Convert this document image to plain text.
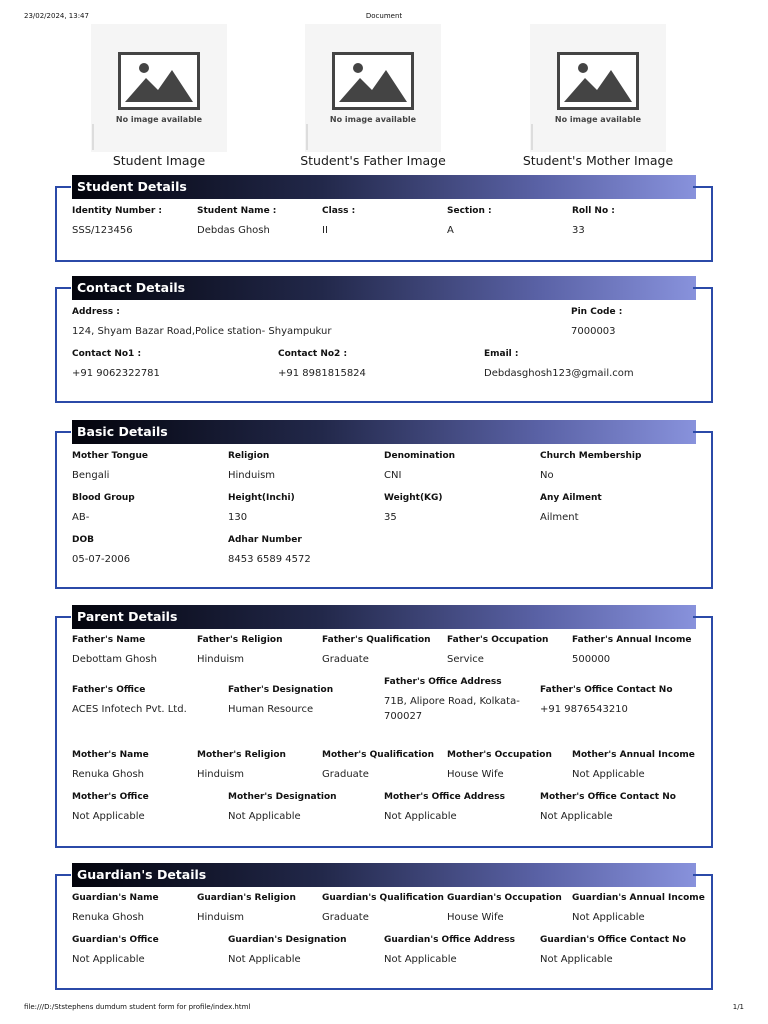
23/02/2024, 13:47	Document
file:///D:/Ststephens dumdum student form for profile/index.html	1/1
No image available
Student Image
No image available
Student's Father Image
No image available
Student's Mother Image
Student Details
Identity Number :
SSS/123456
Student Name :
Debdas Ghosh
Class :
II
Section :
A
Roll No :
33
Contact Details
Address :
124, Shyam Bazar Road,Police station- Shyampukur
Pin Code :
7000003
Contact No1 :
+91 9062322781
Contact No2 :
+91 8981815824
Email :
Debdasghosh123@gmail.com
Basic Details
Mother Tongue
Bengali
Religion
Hinduism
Denomination
CNI
Church Membership
No
Blood Group
AB-
Height(Inchi)
130
Weight(KG)
35
Any Ailment
Ailment
DOB
05-07-2006
Adhar Number
8453 6589 4572
Parent Details
Father's Name
Debottam Ghosh
Father's Religion
Hinduism
Father's Qualification
Graduate
Father's Occupation
Service
Father's Annual Income
500000
Father's Office
ACES Infotech Pvt. Ltd.
Father's Designation
Human Resource
Father's Office Address
71B, Alipore Road, Kolkata-700027
Father's Office Contact No
+91 9876543210
Mother's Name
Renuka Ghosh
Mother's Religion
Hinduism
Mother's Qualification
Graduate
Mother's Occupation
House Wife
Mother's Annual Income
Not Applicable
Mother's Office
Not Applicable
Mother's Designation
Not Applicable
Mother's Office Address
Not Applicable
Mother's Office Contact No
Not Applicable
Guardian's Details
Guardian's Name
Renuka Ghosh
Guardian's Religion
Hinduism
Guardian's Qualification
Graduate
Guardian's Occupation
House Wife
Guardian's Annual Income
Not Applicable
Guardian's Office
Not Applicable
Guardian's Designation
Not Applicable
Guardian's Office Address
Not Applicable
Guardian's Office Contact No
Not Applicable
